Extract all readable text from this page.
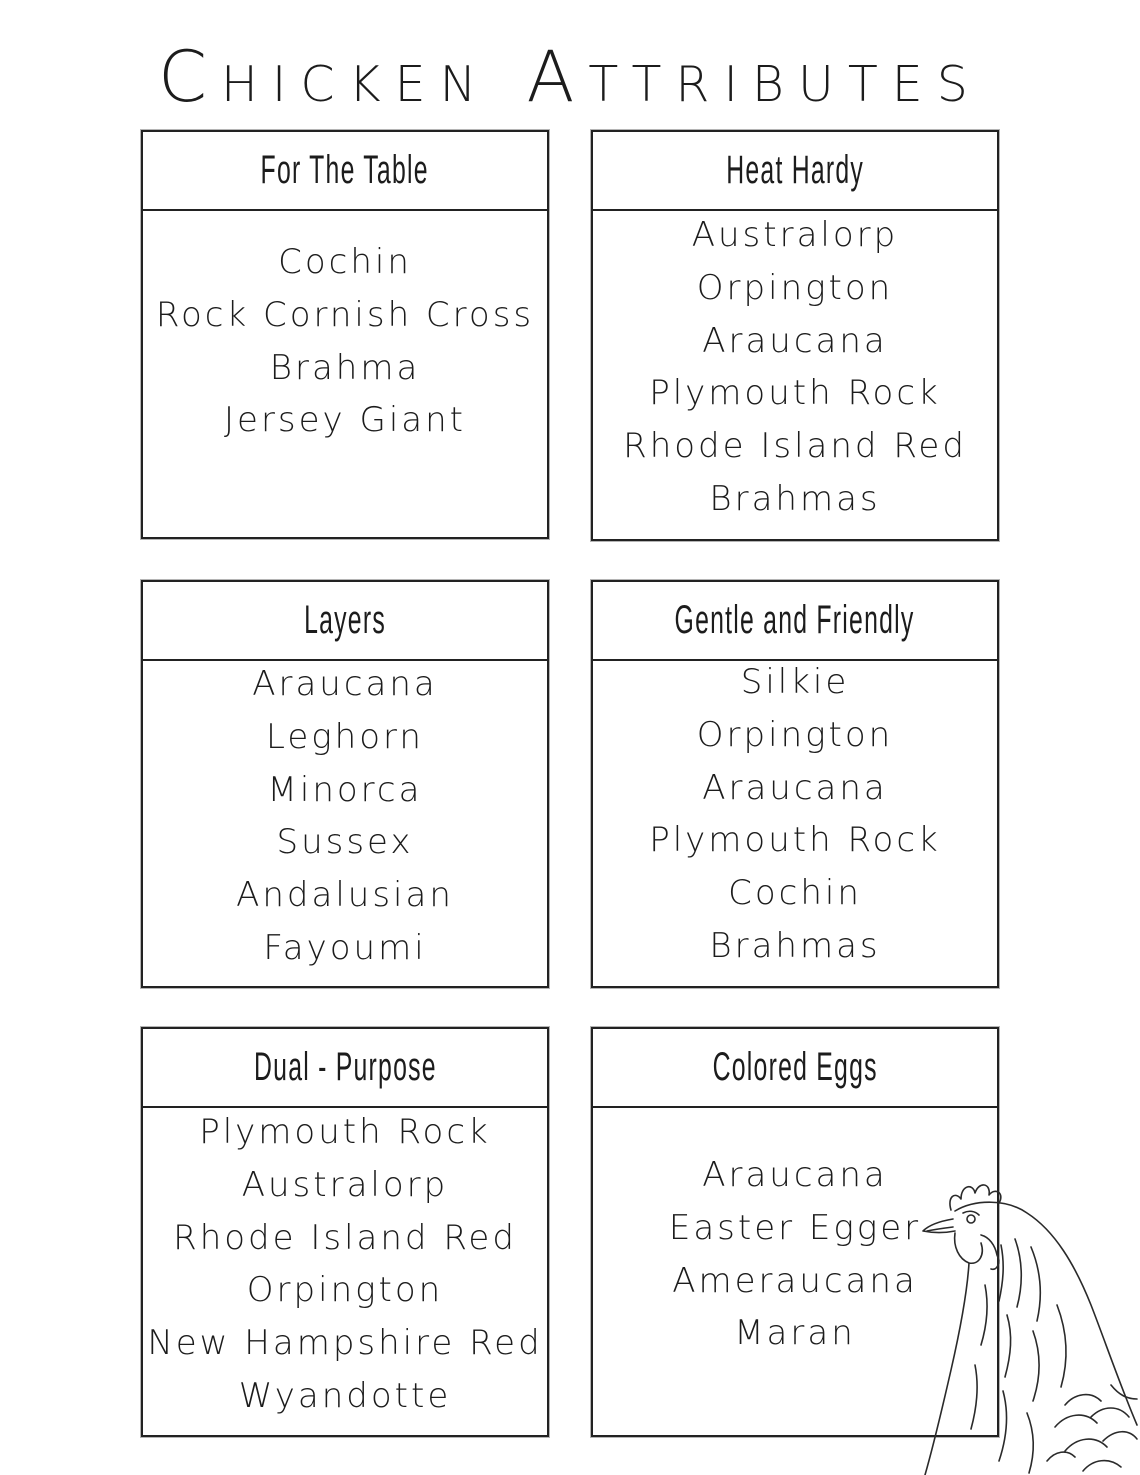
Chicken Attributes
For The Table
Cochin
Rock Cornish Cross
Brahma
Jersey Giant
Heat Hardy
Australorp
Orpington
Araucana
Plymouth Rock
Rhode Island Red
Brahmas
Layers
Araucana
Leghorn
Minorca
Sussex
Andalusian
Fayoumi
Gentle and Friendly
Silkie
Orpington
Araucana
Plymouth Rock
Cochin
Brahmas
Dual - Purpose
Plymouth Rock
Australorp
Rhode Island Red
Orpington
New Hampshire Red
Wyandotte
Colored Eggs
Araucana
Easter Egger
Ameraucana
Maran
